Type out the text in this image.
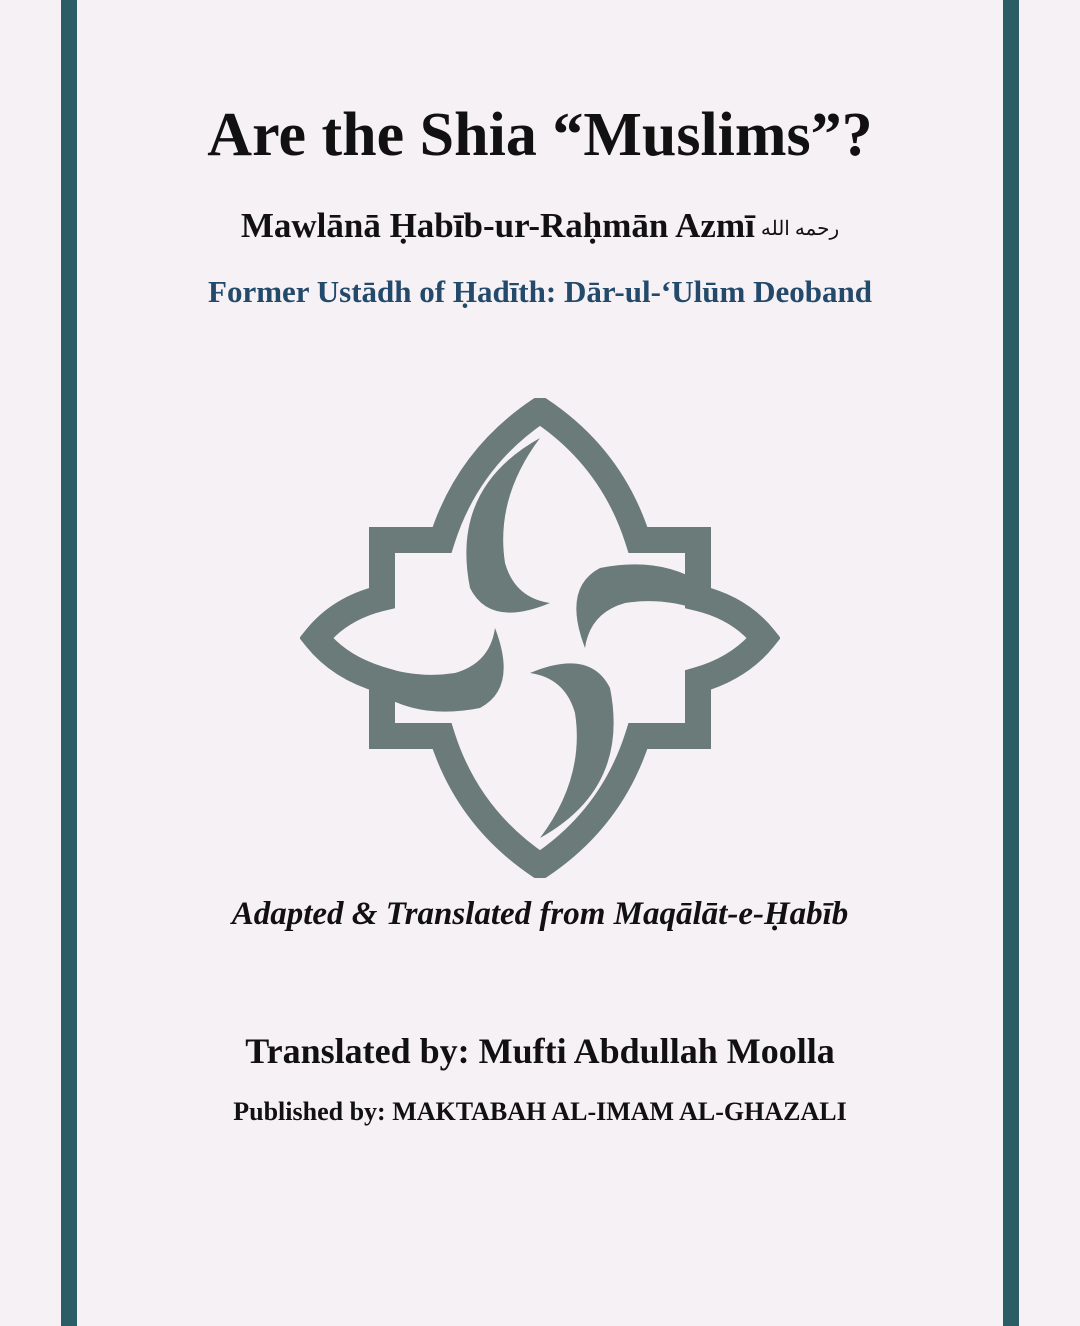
Are the Shia “Muslims”?
Mawlānā Ḥabīb-ur-Raḥmān Azmī رحمه الله
Former Ustādh of Ḥadīth: Dār-ul-‘Ulūm Deoband
Adapted & Translated from Maqālāt-e-Ḥabīb
Translated by: Mufti Abdullah Moolla
Published by: MAKTABAH AL-IMAM AL-GHAZALI
